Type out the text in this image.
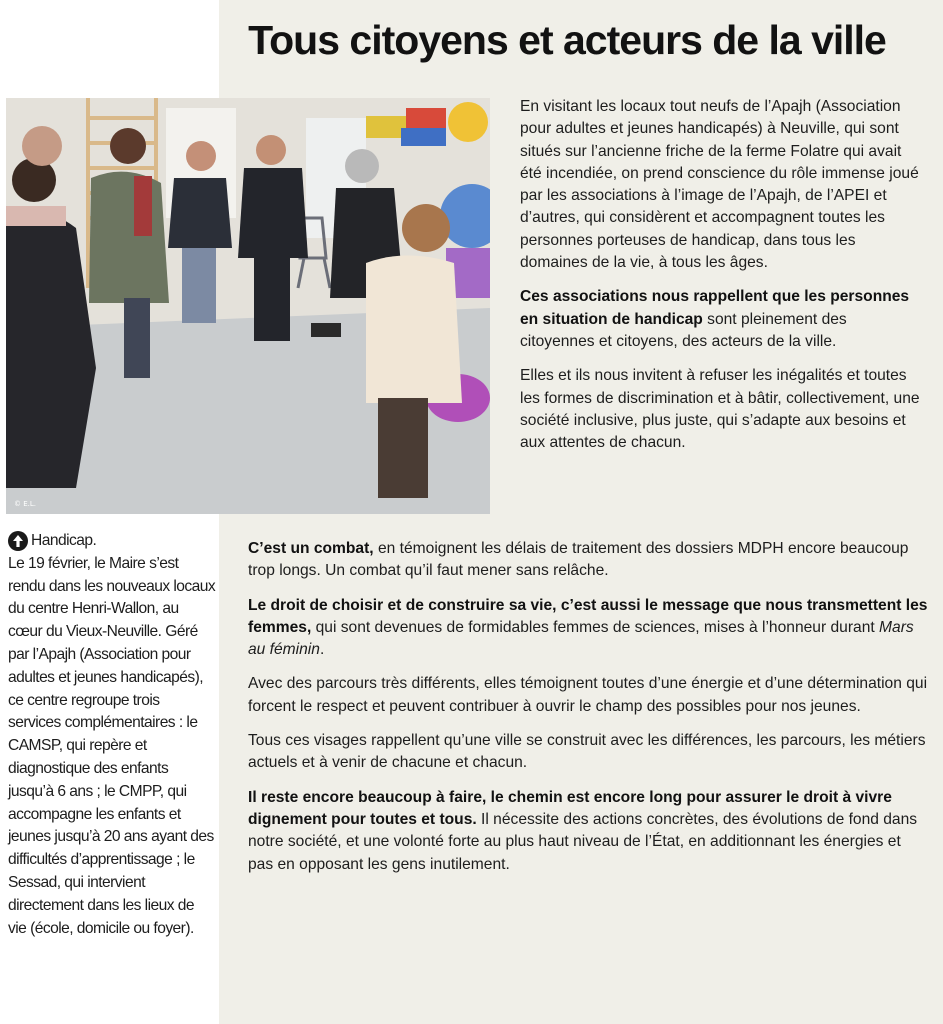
Tous citoyens et acteurs de la ville
© E.L.
Handicap.

Le 19 février, le Maire s’est rendu dans les nouveaux locaux du centre Henri-Wallon, au cœur du Vieux-Neuville. Géré par l’Apajh (Association pour adultes et jeunes handicapés), ce centre regroupe trois services complémentaires : le CAMSP, qui repère et diagnostique des enfants jusqu’à 6 ans ; le CMPP, qui accompagne les enfants et jeunes jusqu’à 20 ans ayant des difficultés d’apprentissage ; le Sessad, qui intervient directement dans les lieux de vie (école, domicile ou foyer).

En visitant les locaux tout neufs de l’Apajh (Association pour adultes et jeunes handicapés) à Neuville, qui sont situés sur l’ancienne friche de la ferme Folatre qui avait été incendiée, on prend conscience du rôle immense joué par les associations à l’image de l’Apajh, de l’APEI et d’autres, qui considèrent et accompagnent toutes les personnes porteuses de handicap, dans tous les domaines de la vie, à tous les âges.

Ces associations nous rappellent que les personnes en situation de handicap sont pleinement des citoyennes et citoyens, des acteurs de la ville.

Elles et ils nous invitent à refuser les inégalités et toutes les formes de discrimination et à bâtir, collectivement, une société inclusive, plus juste, qui s’adapte aux besoins et aux attentes de chacun.

C’est un combat, en témoignent les délais de traitement des dossiers MDPH encore beaucoup trop longs. Un combat qu’il faut mener sans relâche.

Le droit de choisir et de construire sa vie, c’est aussi le message que nous transmettent les femmes, qui sont devenues de formidables femmes de sciences, mises à l’honneur durant Mars au féminin.

Avec des parcours très différents, elles témoignent toutes d’une énergie et d’une détermination qui forcent le respect et peuvent contribuer à ouvrir le champ des possibles pour nos jeunes.

Tous ces visages rappellent qu’une ville se construit avec les différences, les parcours, les métiers actuels et à venir de chacune et chacun.

Il reste encore beaucoup à faire, le chemin est encore long pour assurer le droit à vivre dignement pour toutes et tous. Il nécessite des actions concrètes, des évolutions de fond dans notre société, et une volonté forte au plus haut niveau de l’État, en additionnant les énergies et pas en opposant les gens inutilement.
